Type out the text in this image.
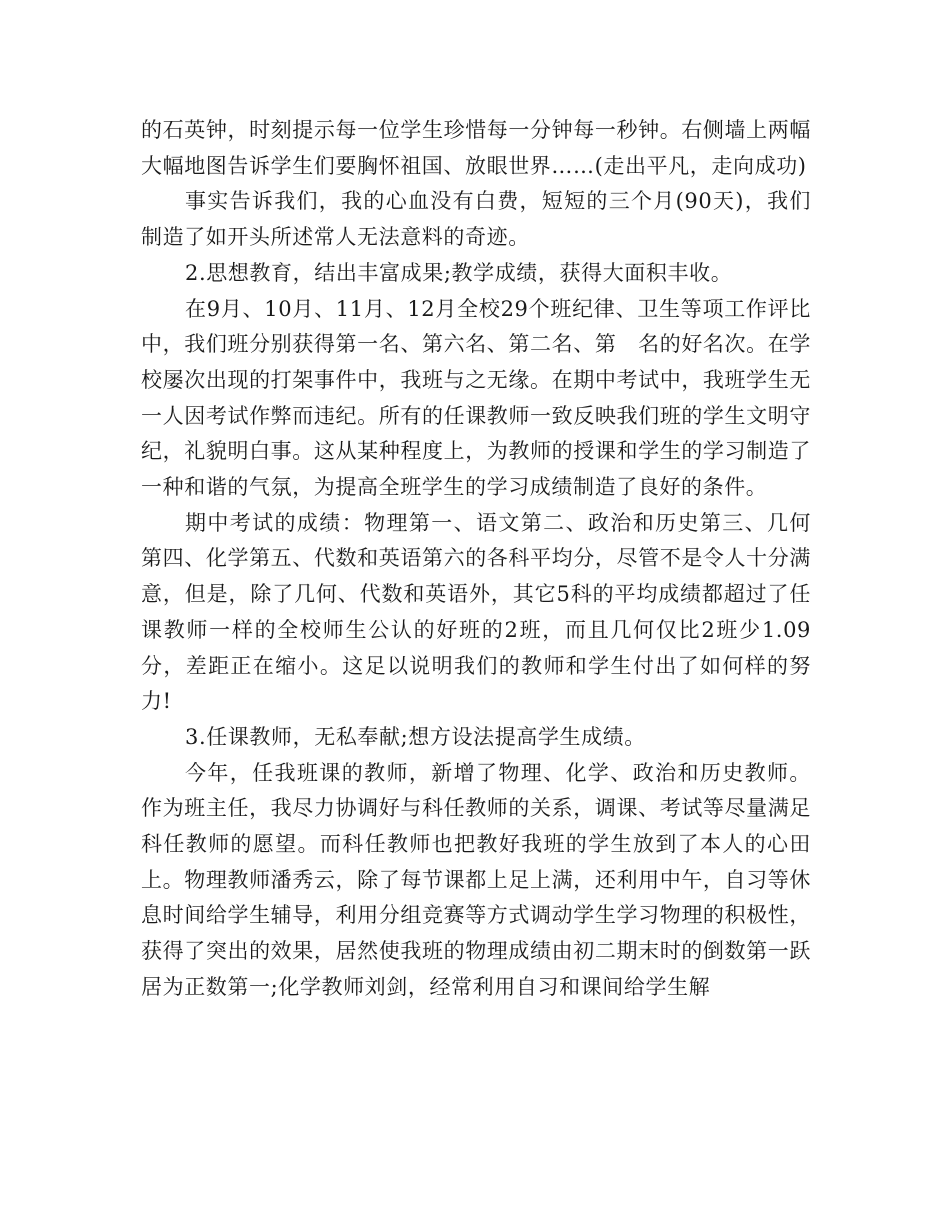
的石英钟，时刻提示每一位学生珍惜每一分钟每一秒钟。右侧墙上两幅大幅地图告诉学生们要胸怀祖国、放眼世界……(走出平凡，走向成功)

事实告诉我们，我的心血没有白费，短短的三个月(90天)，我们制造了如开头所述常人无法意料的奇迹。

2.思想教育，结出丰富成果;教学成绩，获得大面积丰收。

在9月、10月、11月、12月全校29个班纪律、卫生等项工作评比中，我们班分别获得第一名、第六名、第二名、第　名的好名次。在学校屡次出现的打架事件中，我班与之无缘。在期中考试中，我班学生无一人因考试作弊而违纪。所有的任课教师一致反映我们班的学生文明守纪，礼貌明白事。这从某种程度上，为教师的授课和学生的学习制造了一种和谐的气氛，为提高全班学生的学习成绩制造了良好的条件。

期中考试的成绩：物理第一、语文第二、政治和历史第三、几何第四、化学第五、代数和英语第六的各科平均分，尽管不是令人十分满意，但是，除了几何、代数和英语外，其它5科的平均成绩都超过了任课教师一样的全校师生公认的好班的2班，而且几何仅比2班少1.09分，差距正在缩小。这足以说明我们的教师和学生付出了如何样的努力!

3.任课教师，无私奉献;想方设法提高学生成绩。

今年，任我班课的教师，新增了物理、化学、政治和历史教师。作为班主任，我尽力协调好与科任教师的关系，调课、考试等尽量满足科任教师的愿望。而科任教师也把教好我班的学生放到了本人的心田上。物理教师潘秀云，除了每节课都上足上满，还利用中午，自习等休息时间给学生辅导，利用分组竞赛等方式调动学生学习物理的积极性，获得了突出的效果，居然使我班的物理成绩由初二期末时的倒数第一跃居为正数第一;化学教师刘剑，经常利用自习和课间给学生解
